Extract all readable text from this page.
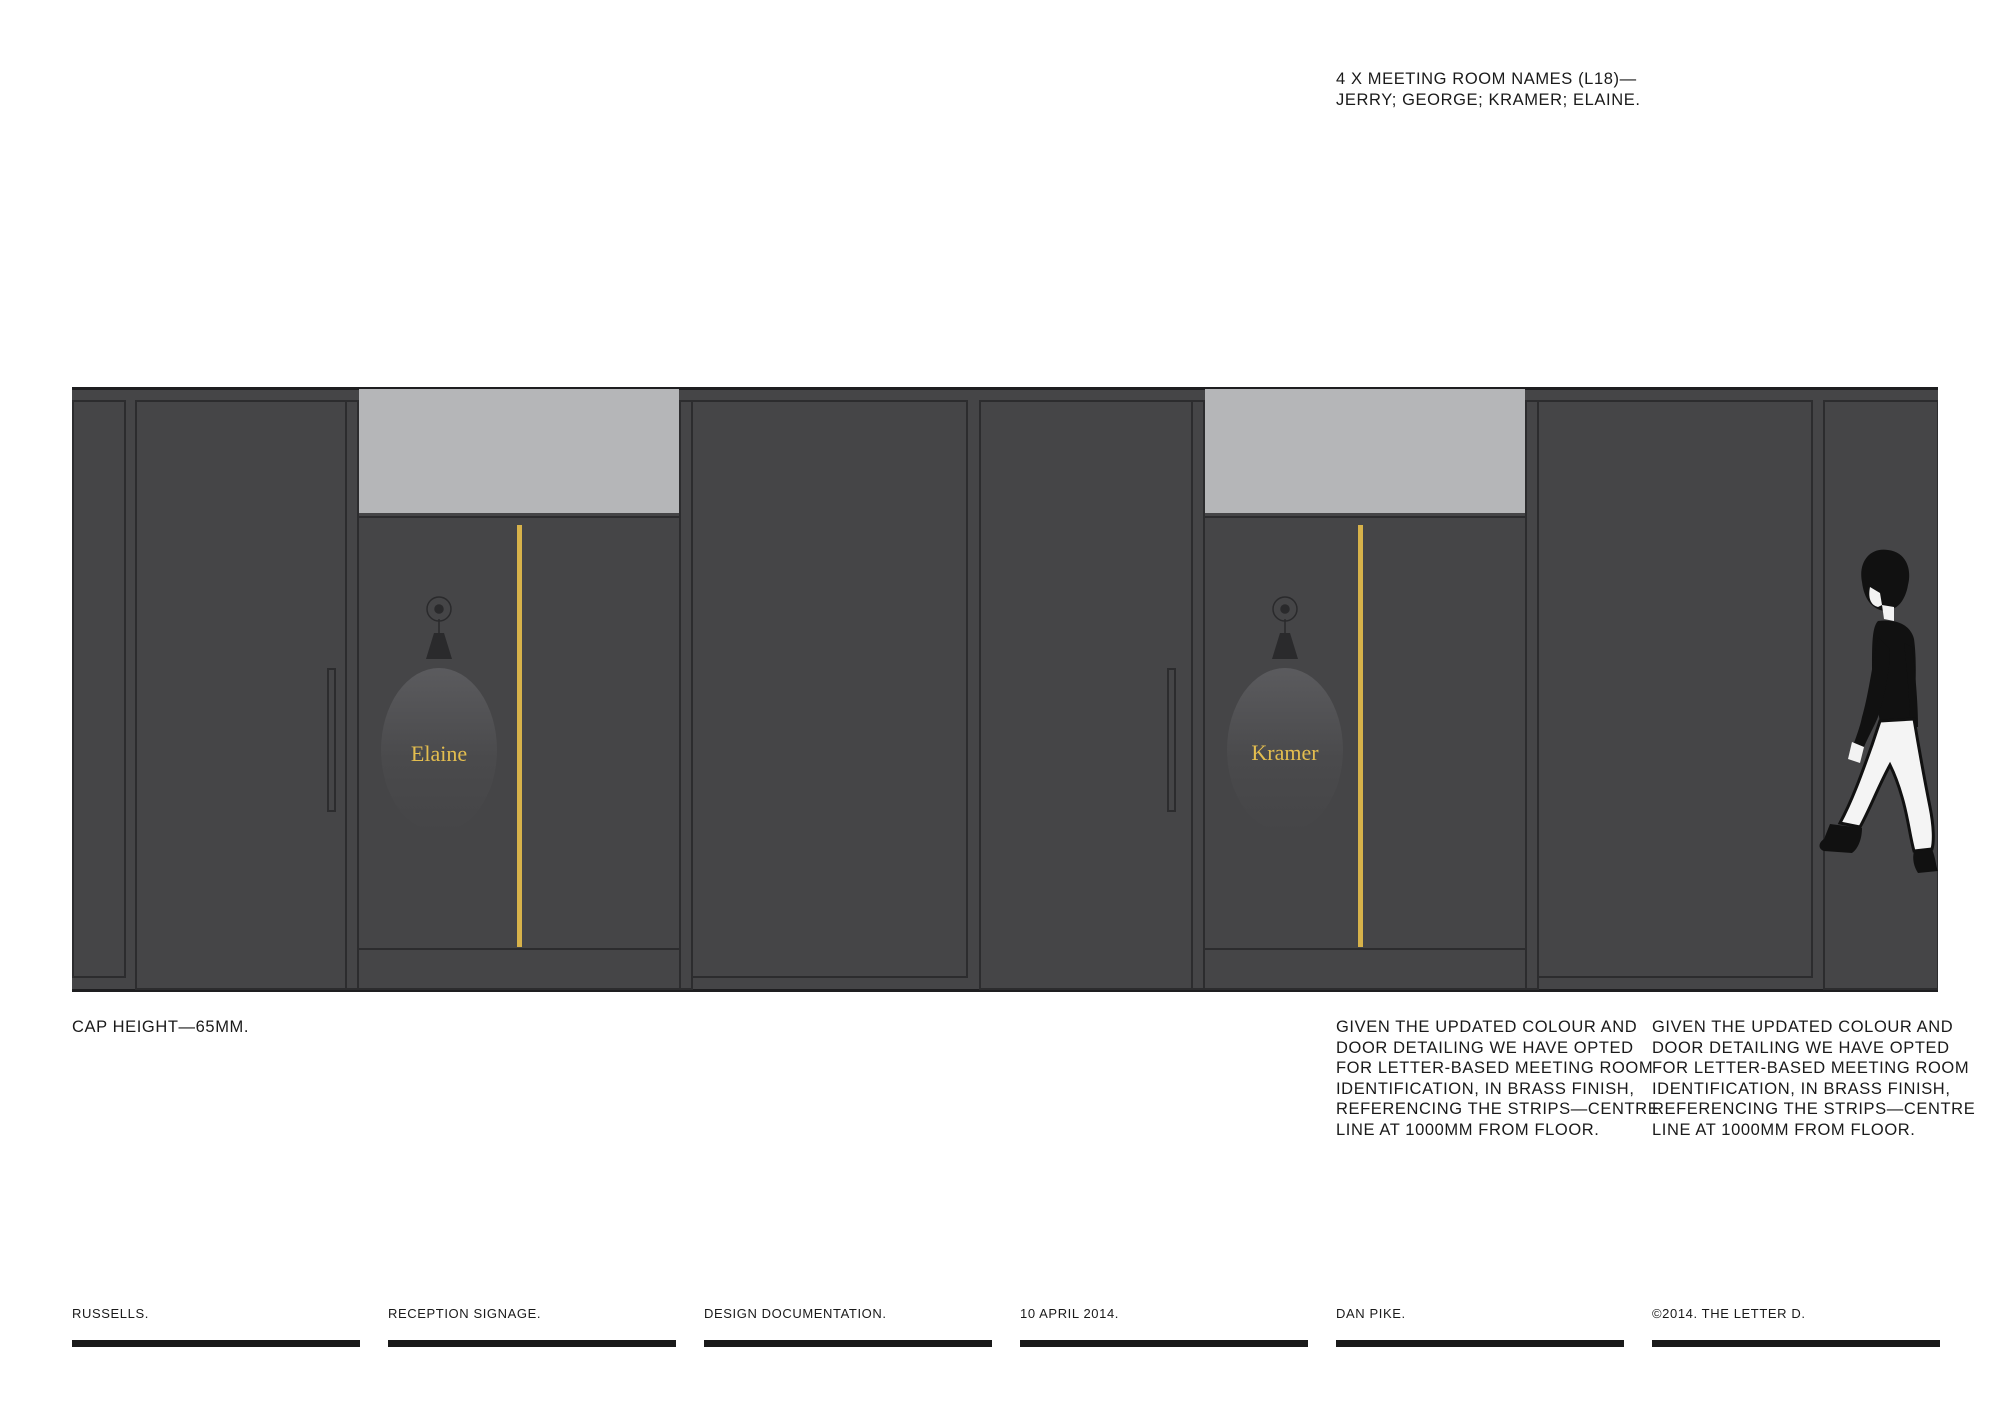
4 X MEETING ROOM NAMES (L18)—
JERRY; GEORGE; KRAMER; ELAINE.
Elaine	Kramer
CAP HEIGHT—65MM.	GIVEN THE UPDATED COLOUR AND
DOOR DETAILING WE HAVE OPTED
FOR LETTER-BASED MEETING ROOM
IDENTIFICATION, IN BRASS FINISH,
REFERENCING THE STRIPS—CENTRE
LINE AT 1000MM FROM FLOOR.
GIVEN THE UPDATED COLOUR AND
DOOR DETAILING WE HAVE OPTED
FOR LETTER-BASED MEETING ROOM
IDENTIFICATION, IN BRASS FINISH,
REFERENCING THE STRIPS—CENTRE
LINE AT 1000MM FROM FLOOR.
RUSSELLS.	RECEPTION SIGNAGE.	DESIGN DOCUMENTATION.	10 APRIL 2014.	DAN PIKE.	©2014. THE LETTER D.
